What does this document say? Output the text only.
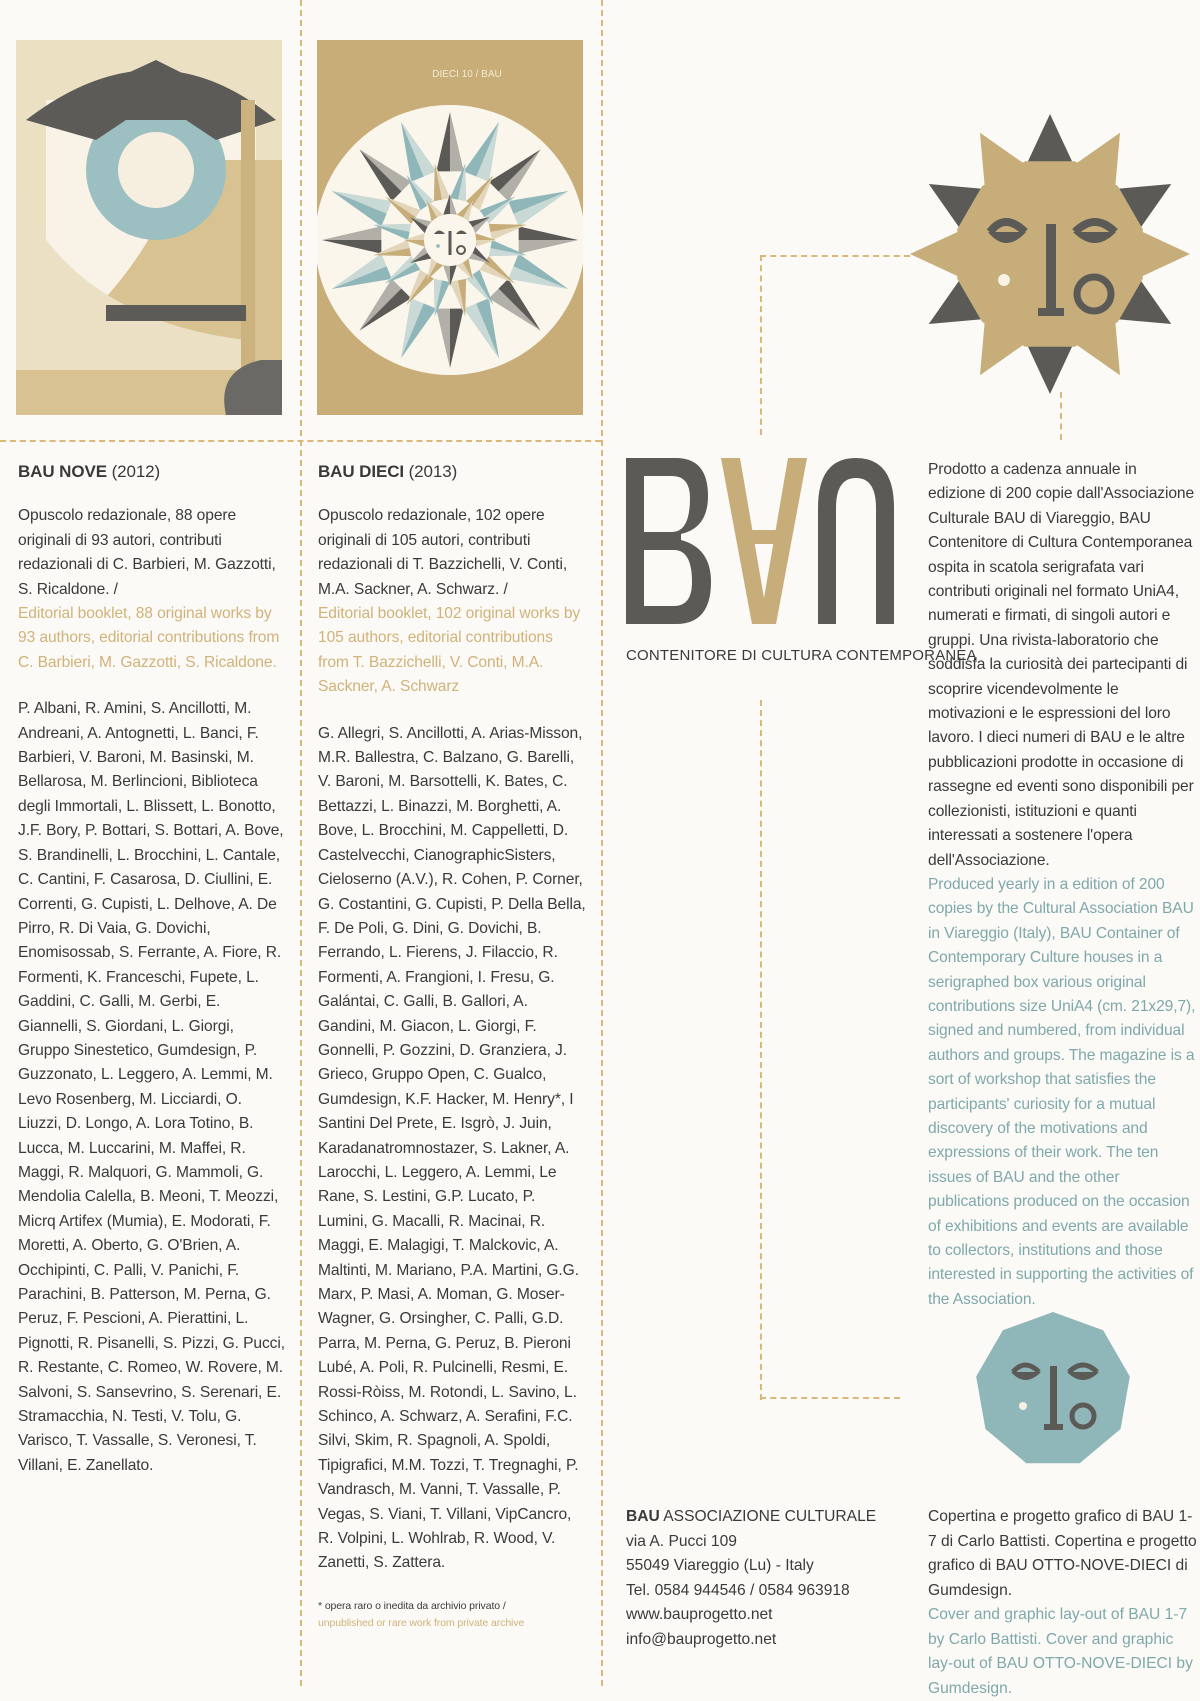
DIECI 10 / BAU

BAU NOVE (2012)

Opuscolo redazionale, 88 opere originali di 93 autori, contributi redazionali di C. Barbieri, M. Gazzotti, S. Ricaldone. /

Editorial booklet, 88 original works by 93 authors, editorial contributions from C. Barbieri, M. Gazzotti, S. Ricaldone.

P. Albani, R. Amini, S. Ancillotti, M. Andreani, A. Antognetti, L. Banci, F. Barbieri, V. Baroni, M. Basinski, M. Bellarosa, M. Berlincioni, Biblioteca degli Immortali, L. Blissett, L. Bonotto, J.F. Bory, P. Bottari, S. Bottari, A. Bove, S. Brandinelli, L. Brocchini, L. Cantale, C. Cantini, F. Casarosa, D. Ciullini, E. Correnti, G. Cupisti, L. Delhove, A. De Pirro, R. Di Vaia, G. Dovichi, Enomisossab, S. Ferrante, A. Fiore, R. Formenti, K. Franceschi, Fupete, L. Gaddini, C. Galli, M. Gerbi, E. Giannelli, S. Giordani, L. Giorgi, Gruppo Sinestetico, Gumdesign, P. Guzzonato, L. Leggero, A. Lemmi, M. Levo Rosenberg, M. Licciardi, O. Liuzzi, D. Longo, A. Lora Totino, B. Lucca, M. Luccarini, M. Maffei, R. Maggi, R. Malquori, G. Mammoli, G. Mendolia Calella, B. Meoni, T. Meozzi, Micrq Artifex (Mumia), E. Modorati, F. Moretti, A. Oberto, G. O'Brien, A. Occhipinti, C. Palli, V. Panichi, F. Parachini, B. Patterson, M. Perna, G. Peruz, F. Pescioni, A. Pierattini, L. Pignotti, R. Pisanelli, S. Pizzi, G. Pucci, R. Restante, C. Romeo, W. Rovere, M. Salvoni, S. Sansevrino, S. Serenari, E. Stramacchia, N. Testi, V. Tolu, G. Varisco, T. Vassalle, S. Veronesi, T. Villani, E. Zanellato.

BAU DIECI (2013)

Opuscolo redazionale, 102 opere originali di 105 autori, contributi redazionali di T. Bazzichelli, V. Conti, M.A. Sackner, A. Schwarz. /

Editorial booklet, 102 original works by 105 authors, editorial contributions from T. Bazzichelli, V. Conti, M.A. Sackner, A. Schwarz

G. Allegri, S. Ancillotti, A. Arias-Misson, M.R. Ballestra, C. Balzano, G. Barelli, V. Baroni, M. Barsottelli, K. Bates, C. Bettazzi, L. Binazzi, M. Borghetti, A. Bove, L. Brocchini, M. Cappelletti, D. Castelvecchi, CianographicSisters, Cieloserno (A.V.), R. Cohen, P. Corner, G. Costantini, G. Cupisti, P. Della Bella, F. De Poli, G. Dini, G. Dovichi, B. Ferrando, L. Fierens, J. Filaccio, R. Formenti, A. Frangioni, I. Fresu, G. Galántai, C. Galli, B. Gallori, A. Gandini, M. Giacon, L. Giorgi, F. Gonnelli, P. Gozzini, D. Granziera, J. Grieco, Gruppo Open, C. Gualco, Gumdesign, K.F. Hacker, M. Henry*, I Santini Del Prete, E. Isgrò, J. Juin, Karadanatromnostazer, S. Lakner, A. Larocchi, L. Leggero, A. Lemmi, Le Rane, S. Lestini, G.P. Lucato, P. Lumini, G. Macalli, R. Macinai, R. Maggi, E. Malagigi, T. Malckovic, A. Maltinti, M. Mariano, P.A. Martini, G.G. Marx, P. Masi, A. Moman, G. Moser-Wagner, G. Orsingher, C. Palli, G.D. Parra, M. Perna, G. Peruz, B. Pieroni Lubé, A. Poli, R. Pulcinelli, Resmi, E. Rossi-Ròiss, M. Rotondi, L. Savino, L. Schinco, A. Schwarz, A. Serafini, F.C. Silvi, Skim, R. Spagnoli, A. Spoldi, Tipigrafici, M.M. Tozzi, T. Tregnaghi, P. Vandrasch, M. Vanni, T. Vassalle, P. Vegas, S. Viani, T. Villani, VipCancro, R. Volpini, L. Wohlrab, R. Wood, V. Zanetti, S. Zattera.

* opera raro o inedita da archivio privato /

unpublished or rare work from private archive

CONTENITORE DI CULTURA CONTEMPORANEA

Prodotto a cadenza annuale in edizione di 200 copie dall'Associazione Culturale BAU di Viareggio, BAU Contenitore di Cultura Contemporanea ospita in scatola serigrafata vari contributi originali nel formato UniA4, numerati e firmati, di singoli autori e gruppi. Una rivista-laboratorio che soddisfa la curiosità dei partecipanti di scoprire vicendevolmente le motivazioni e le espressioni del loro lavoro. I dieci numeri di BAU e le altre pubblicazioni prodotte in occasione di rassegne ed eventi sono disponibili per collezionisti, istituzioni e quanti interessati a sostenere l'opera dell'Associazione.

Produced yearly in a edition of 200 copies by the Cultural Association BAU in Viareggio (Italy), BAU Container of Contemporary Culture houses in a serigraphed box various original contributions size UniA4 (cm. 21x29,7), signed and numbered, from individual authors and groups. The magazine is a sort of workshop that satisfies the participants' curiosity for a mutual discovery of the motivations and expressions of their work. The ten issues of BAU and the other publications produced on the occasion of exhibitions and events are available to collectors, institutions and those interested in supporting the activities of the Association.

BAU ASSOCIAZIONE CULTURALE
via A. Pucci 109
55049 Viareggio (Lu) - Italy
Tel. 0584 944546 / 0584 963918
www.bauprogetto.net
info@bauprogetto.net

Copertina e progetto grafico di BAU 1-7 di Carlo Battisti. Copertina e progetto grafico di BAU OTTO-NOVE-DIECI di Gumdesign.

Cover and graphic lay-out of BAU 1-7 by Carlo Battisti. Cover and graphic lay-out of BAU OTTO-NOVE-DIECI by Gumdesign.
